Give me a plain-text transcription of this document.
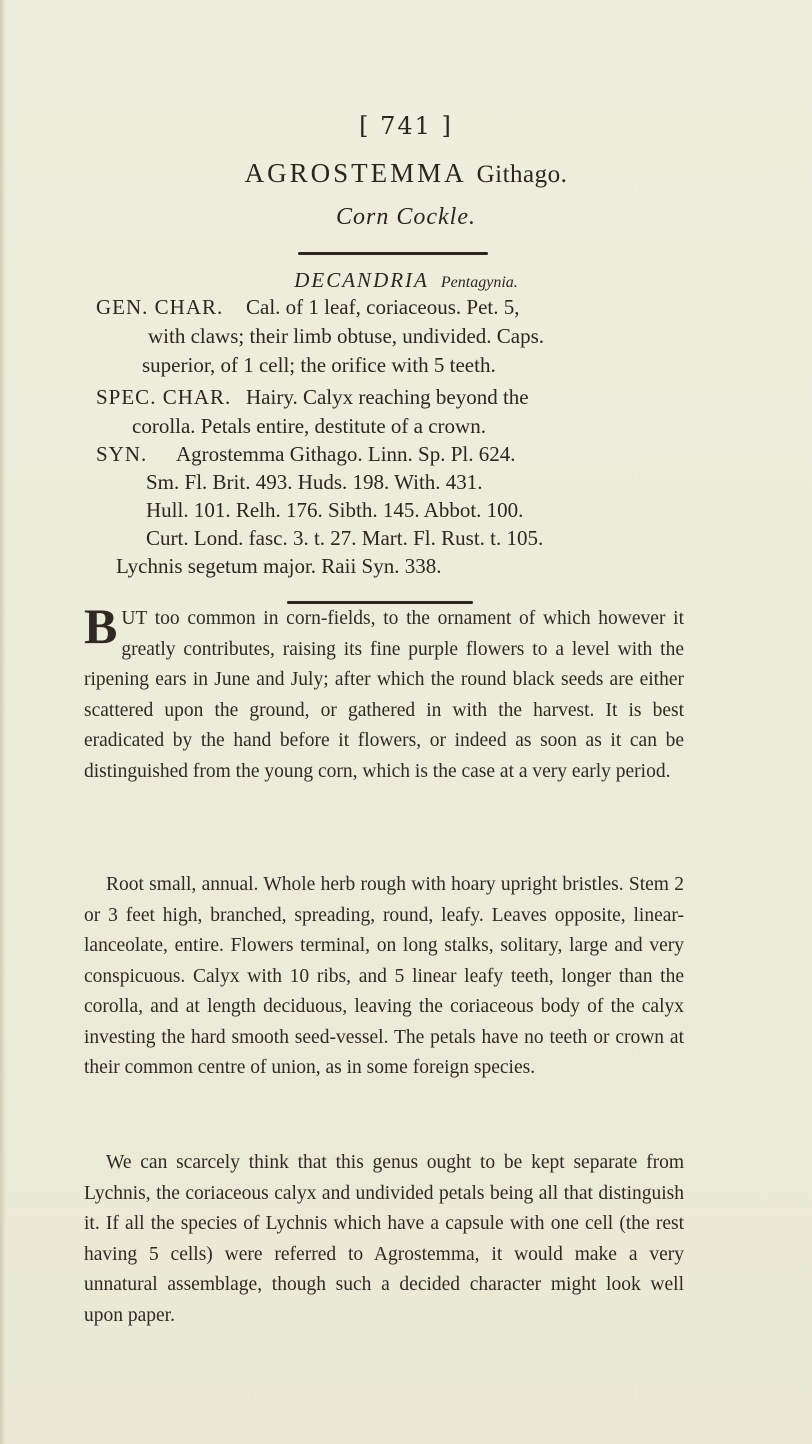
[ 741 ]
AGROSTEMMA Githago.
Corn Cockle.
DECANDRIA Pentagynia.
GEN. CHAR. Cal. of 1 leaf, coriaceous. Pet. 5,
with claws; their limb obtuse, undivided. Caps.
superior, of 1 cell; the orifice with 5 teeth.
SPEC. CHAR. Hairy. Calyx reaching beyond the
corolla. Petals entire, destitute of a crown.
SYN. Agrostemma Githago. Linn. Sp. Pl. 624.
Sm. Fl. Brit. 493. Huds. 198. With. 431.
Hull. 101. Relh. 176. Sibth. 145. Abbot. 100.
Curt. Lond. fasc. 3. t. 27. Mart. Fl. Rust. t. 105.
Lychnis segetum major. Raii Syn. 338.

BUT too common in corn-fields, to the ornament of which however it greatly contributes, raising its fine purple flowers to a level with the ripening ears in June and July; after which the round black seeds are either scattered upon the ground, or gathered in with the harvest. It is best eradicated by the hand before it flowers, or indeed as soon as it can be distinguished from the young corn, which is the case at a very early period.

Root small, annual. Whole herb rough with hoary upright bristles. Stem 2 or 3 feet high, branched, spreading, round, leafy. Leaves opposite, linear-lanceolate, entire. Flowers terminal, on long stalks, solitary, large and very conspicuous. Calyx with 10 ribs, and 5 linear leafy teeth, longer than the corolla, and at length deciduous, leaving the coriaceous body of the calyx investing the hard smooth seed-vessel. The petals have no teeth or crown at their common centre of union, as in some foreign species.

We can scarcely think that this genus ought to be kept separate from Lychnis, the coriaceous calyx and undivided petals being all that distinguish it. If all the species of Lychnis which have a capsule with one cell (the rest having 5 cells) were referred to Agrostemma, it would make a very unnatural assemblage, though such a decided character might look well upon paper.
